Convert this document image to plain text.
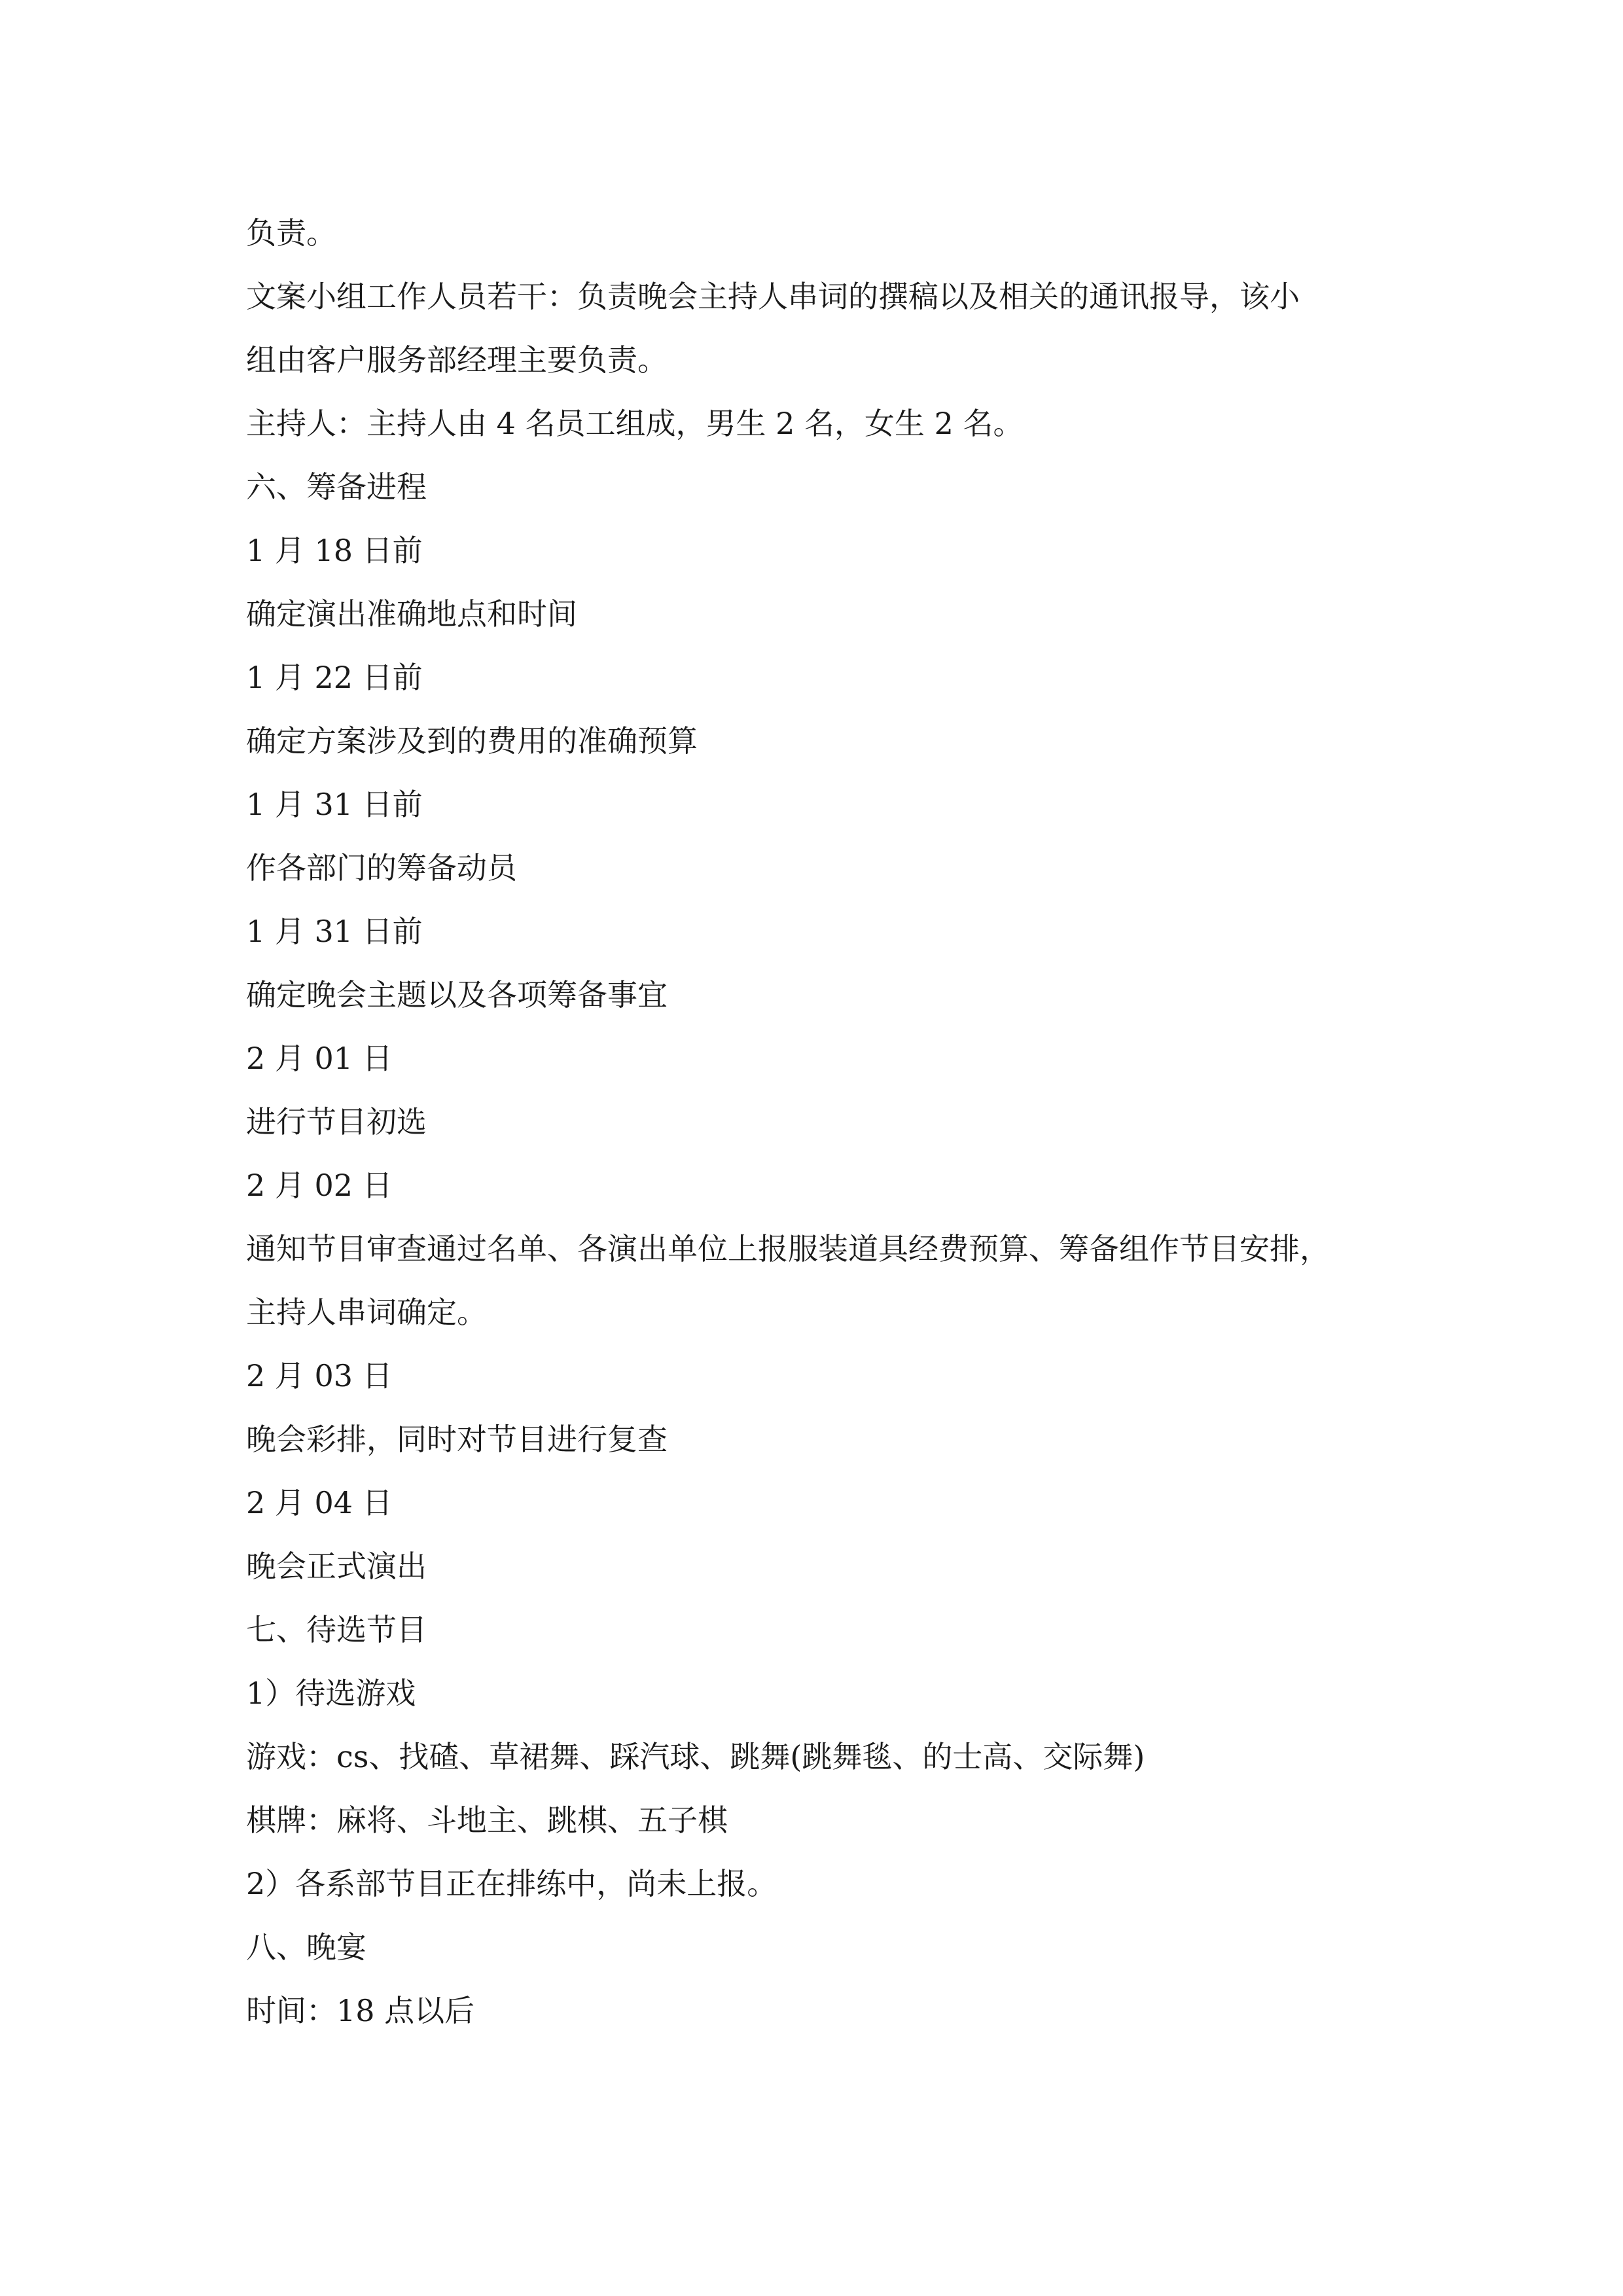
负责。
文案小组工作人员若干：负责晚会主持人串词的撰稿以及相关的通讯报导，该小
组由客户服务部经理主要负责。
主持人：主持人由 4 名员工组成，男生 2 名，女生 2 名。
六、筹备进程
1 月 18 日前
确定演出准确地点和时间
1 月 22 日前
确定方案涉及到的费用的准确预算
1 月 31 日前
作各部门的筹备动员
1 月 31 日前
确定晚会主题以及各项筹备事宜
2 月 01 日
进行节目初选
2 月 02 日
通知节目审查通过名单、各演出单位上报服装道具经费预算、筹备组作节目安排，
主持人串词确定。
2 月 03 日
晚会彩排，同时对节目进行复查
2 月 04 日
晚会正式演出
七、待选节目
1）待选游戏
游戏：cs、找碴、草裙舞、踩汽球、跳舞(跳舞毯、的士高、交际舞)
棋牌：麻将、斗地主、跳棋、五子棋
2）各系部节目正在排练中，尚未上报。
八、晚宴
时间：18 点以后
